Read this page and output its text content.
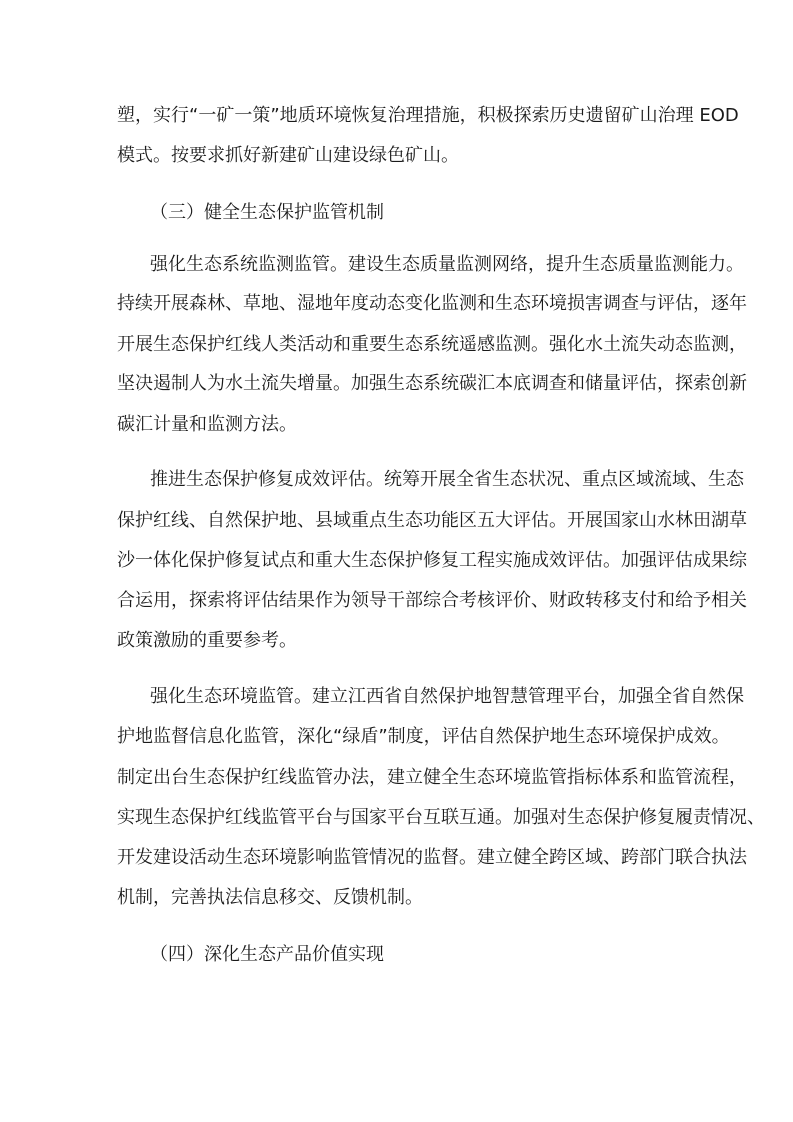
塑，实行“一矿一策”地质环境恢复治理措施，积极探索历史遗留矿山治理 EOD
模式。按要求抓好新建矿山建设绿色矿山。
（三）健全生态保护监管机制
强化生态系统监测监管。建设生态质量监测网络，提升生态质量监测能力。
持续开展森林、草地、湿地年度动态变化监测和生态环境损害调查与评估，逐年
开展生态保护红线人类活动和重要生态系统遥感监测。强化水土流失动态监测，
坚决遏制人为水土流失增量。加强生态系统碳汇本底调查和储量评估，探索创新
碳汇计量和监测方法。
推进生态保护修复成效评估。统筹开展全省生态状况、重点区域流域、生态
保护红线、自然保护地、县域重点生态功能区五大评估。开展国家山水林田湖草
沙一体化保护修复试点和重大生态保护修复工程实施成效评估。加强评估成果综
合运用，探索将评估结果作为领导干部综合考核评价、财政转移支付和给予相关
政策激励的重要参考。
强化生态环境监管。建立江西省自然保护地智慧管理平台，加强全省自然保
护地监督信息化监管，深化“绿盾”制度，评估自然保护地生态环境保护成效。
制定出台生态保护红线监管办法，建立健全生态环境监管指标体系和监管流程，
实现生态保护红线监管平台与国家平台互联互通。加强对生态保护修复履责情况、
开发建设活动生态环境影响监管情况的监督。建立健全跨区域、跨部门联合执法
机制，完善执法信息移交、反馈机制。
（四）深化生态产品价值实现
